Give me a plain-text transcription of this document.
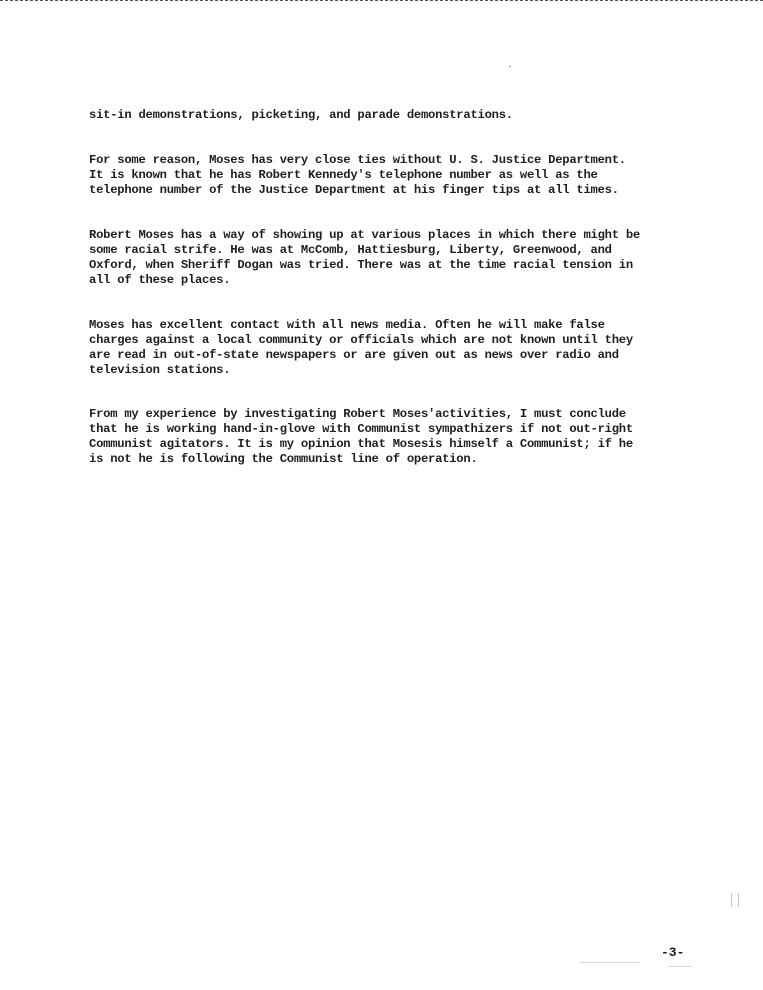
sit-in demonstrations, picketing, and parade demonstrations.
For some reason, Moses has very close ties without U. S. Justice Department.
It is known that he has Robert Kennedy's telephone number as well as the
telephone number of the Justice Department at his finger tips at all times.
Robert Moses has a way of showing up at various places in which there might be
some racial strife. He was at McComb, Hattiesburg, Liberty, Greenwood, and
Oxford, when Sheriff Dogan was tried. There was at the time racial tension in
all of these places.
Moses has excellent contact with all news media. Often he will make false
charges against a local community or officials which are not known until they
are read in out-of-state newspapers or are given out as news over radio and
television stations.
From my experience by investigating Robert Moses'activities, I must conclude
that he is working hand-in-glove with Communist sympathizers if not out-right
Communist agitators. It is my opinion that Mosesis himself a Communist; if he
is not he is following the Communist line of operation.
-3-
